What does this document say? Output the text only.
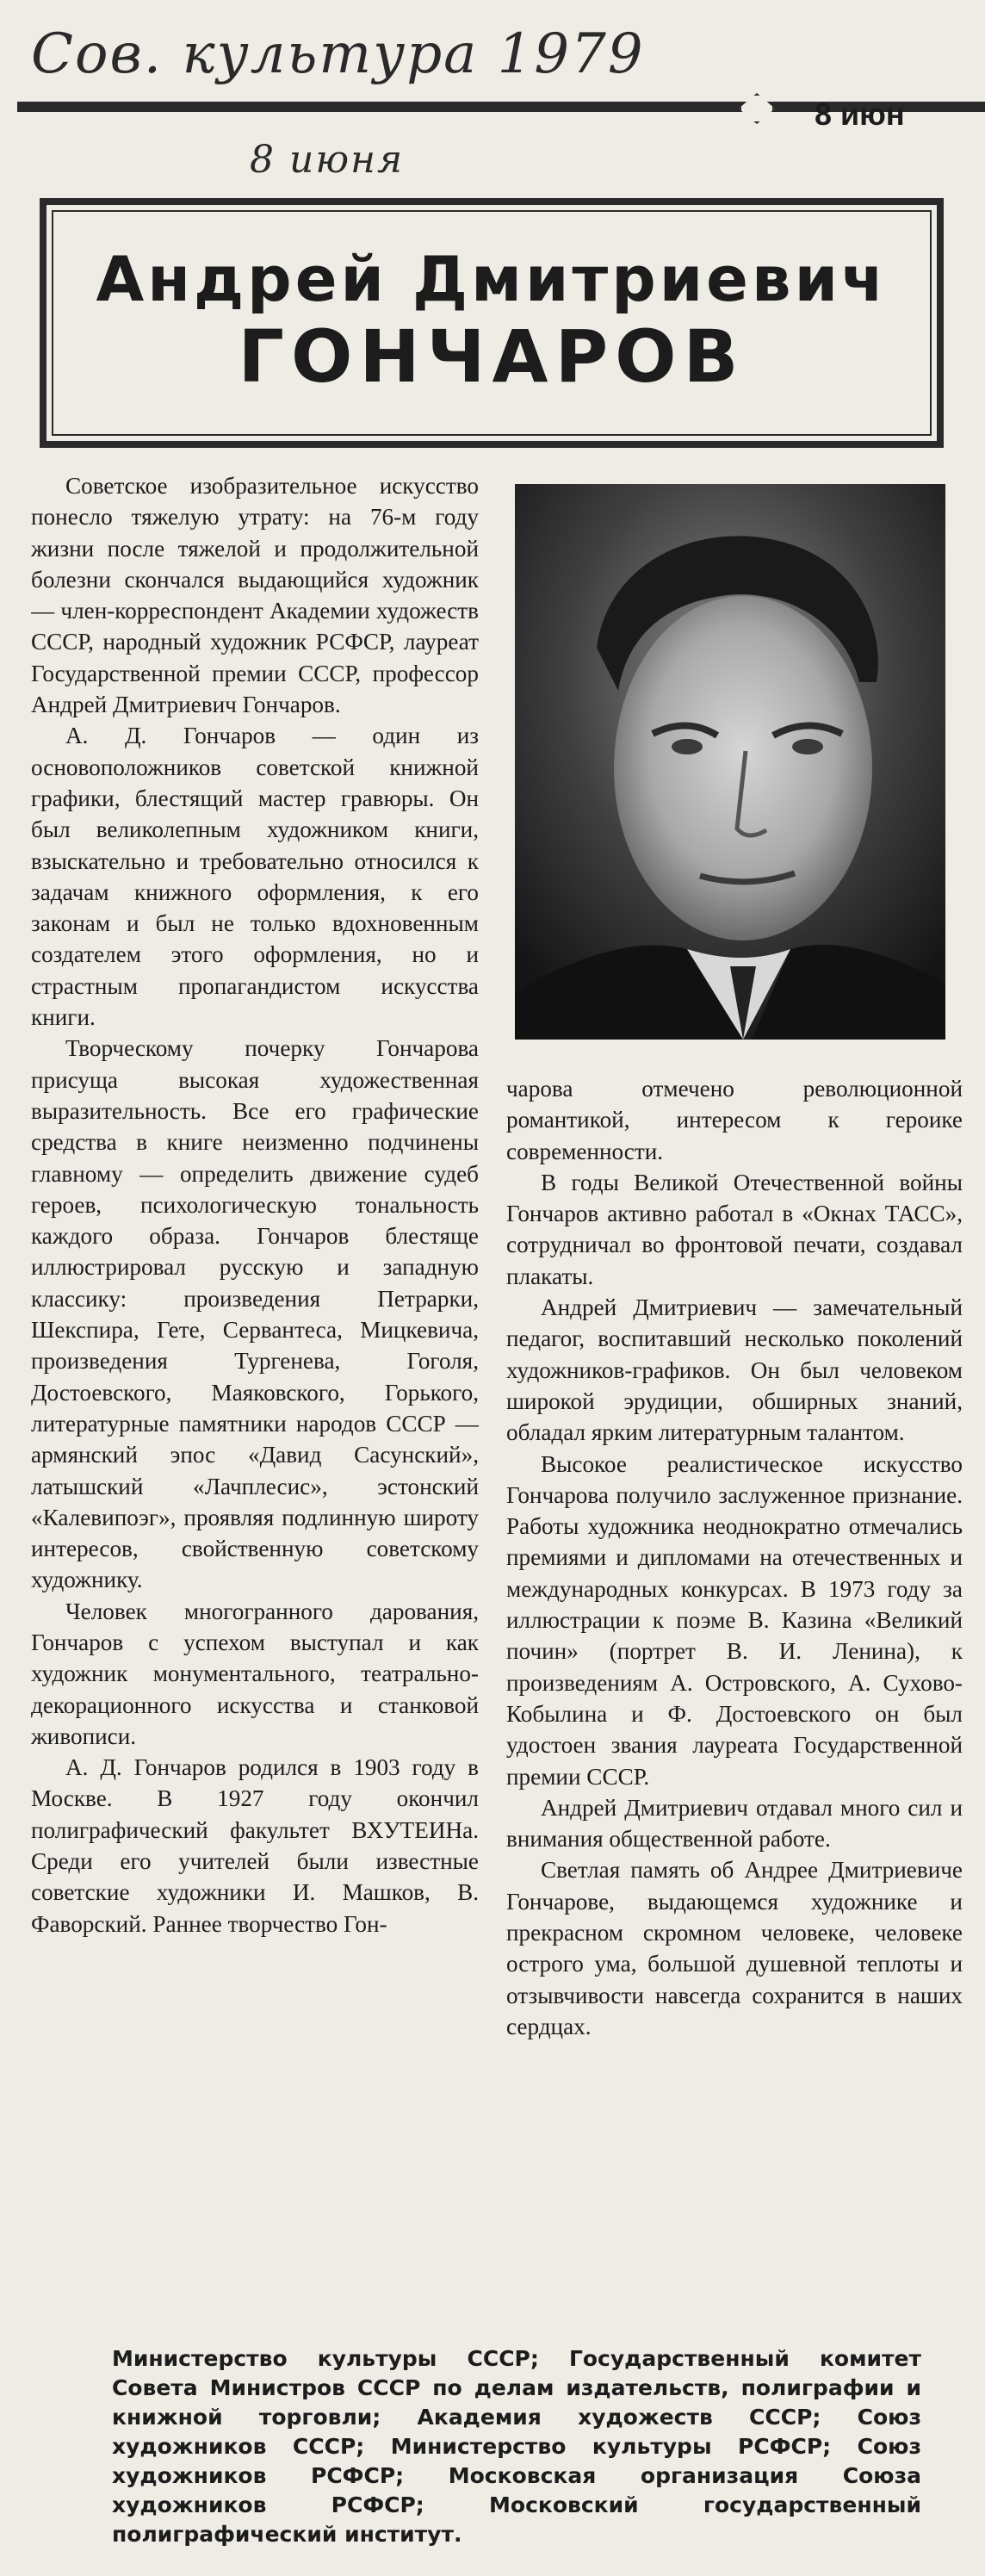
Сов. культура 1979
8 июня
8 июн
Андрей Дмитриевич
ГОНЧАРОВ

Советское изобразительное искусство понесло тяжелую утрату: на 76-м году жизни после тяжелой и продолжительной болезни скончался выдающийся художник — член-корреспондент Академии художеств СССР, народный художник РСФСР, лауреат Государственной премии СССР, профессор Андрей Дмитриевич Гончаров.

А. Д. Гончаров — один из основоположников советской книжной графики, блестящий мастер гравюры. Он был великолепным художником книги, взыскательно и требовательно относился к задачам книжного оформления, к его законам и был не только вдохновенным создателем этого оформления, но и страстным пропагандистом искусства книги.

Творческому почерку Гончарова присуща высокая художественная выразительность. Все его графические средства в книге неизменно подчинены главному — определить движение судеб героев, психологическую тональность каждого образа. Гончаров блестяще иллюстрировал русскую и западную классику: произведения Петрарки, Шекспира, Гете, Сервантеса, Мицкевича, произведения Тургенева, Гоголя, Достоевского, Маяковского, Горького, литературные памятники народов СССР — армянский эпос «Давид Сасунский», латышский «Лачплесис», эстонский «Калевипоэг», проявляя подлинную широту интересов, свойственную советскому художнику.

Человек многогранного дарования, Гончаров с успехом выступал и как художник монументального, театрально-декорационного искусства и станковой живописи.

А. Д. Гончаров родился в 1903 году в Москве. В 1927 году окончил полиграфический факультет ВХУТЕИНа. Среди его учителей были известные советские художники И. Машков, В. Фаворский. Раннее творчество Гон-

чарова отмечено революционной романтикой, интересом к героике современности.

В годы Великой Отечественной войны Гончаров активно работал в «Окнах ТАСС», сотрудничал во фронтовой печати, создавал плакаты.

Андрей Дмитриевич — замечательный педагог, воспитавший несколько поколений художников-графиков. Он был человеком широкой эрудиции, обширных знаний, обладал ярким литературным талантом.

Высокое реалистическое искусство Гончарова получило заслуженное признание. Работы художника неоднократно отмечались премиями и дипломами на отечественных и международных конкурсах. В 1973 году за иллюстрации к поэме В. Казина «Великий почин» (портрет В. И. Ленина), к произведениям А. Островского, А. Сухово-Кобылина и Ф. Достоевского он был удостоен звания лауреата Государственной премии СССР.

Андрей Дмитриевич отдавал много сил и внимания общественной работе.

Светлая память об Андрее Дмитриевиче Гончарове, выдающемся художнике и прекрасном скромном человеке, человеке острого ума, большой душевной теплоты и отзывчивости навсегда сохранится в наших сердцах.

Министерство культуры СССР; Государственный комитет Совета Министров СССР по делам издательств, полиграфии и книжной торговли; Академия художеств СССР; Союз художников СССР; Министерство культуры РСФСР; Союз художников РСФСР; Московская организация Союза художников РСФСР; Московский государственный полиграфический институт.
